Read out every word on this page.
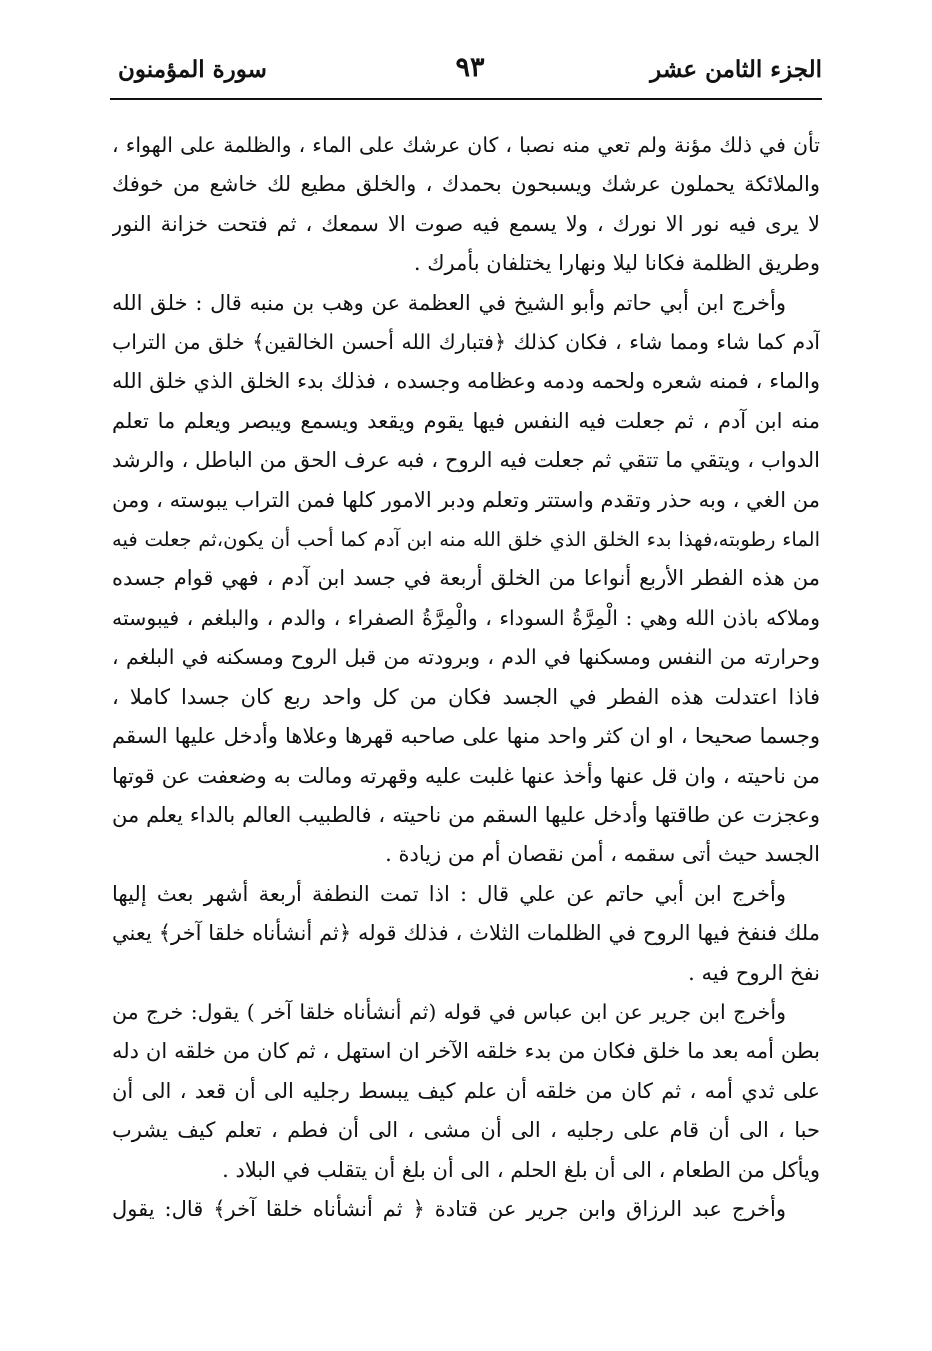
الجزء الثامن عشر
٩٣
سورة المؤمنون
تأن في ذلك مؤنة ولم تعي منه نصبا ، كان عرشك على الماء ، والظلمة على الهواء ،
والملائكة يحملون عرشك ويسبحون بحمدك ، والخلق مطيع لك خاشع من خوفك
لا يرى فيه نور الا نورك ، ولا يسمع فيه صوت الا سمعك ، ثم فتحت خزانة النور
وطريق الظلمة فكانا ليلا ونهارا يختلفان بأمرك .
وأخرج ابن أبي حاتم وأبو الشيخ في العظمة عن وهب بن منبه قال : خلق الله
آدم كما شاء ومما شاء ، فكان كذلك ﴿فتبارك الله أحسن الخالقين﴾ خلق من التراب
والماء ، فمنه شعره ولحمه ودمه وعظامه وجسده ، فذلك بدء الخلق الذي خلق الله
منه ابن آدم ، ثم جعلت فيه النفس فيها يقوم ويقعد ويسمع ويبصر ويعلم ما تعلم
الدواب ، ويتقي ما تتقي ثم جعلت فيه الروح ، فبه عرف الحق من الباطل ، والرشد
من الغي ، وبه حذر وتقدم واستتر وتعلم ودبر الامور كلها فمن التراب يبوسته ، ومن
الماء رطوبته،فهذا بدء الخلق الذي خلق الله منه ابن آدم كما أحب أن يكون،ثم جعلت فيه
من هذه الفطر الأربع أنواعا من الخلق أربعة في جسد ابن آدم ، فهي قوام جسده
وملاكه باذن الله وهي : الْمِرَّةُ السوداء ، والْمِرَّةُ الصفراء ، والدم ، والبلغم ، فيبوسته
وحرارته من النفس ومسكنها في الدم ، وبرودته من قبل الروح ومسكنه في البلغم ،
فاذا اعتدلت هذه الفطر في الجسد فكان من كل واحد ربع كان جسدا كاملا ،
وجسما صحيحا ، او ان كثر واحد منها على صاحبه قهرها وعلاها وأدخل عليها السقم
من ناحيته ، وان قل عنها وأخذ عنها غلبت عليه وقهرته ومالت به وضعفت عن قوتها
وعجزت عن طاقتها وأدخل عليها السقم من ناحيته ، فالطبيب العالم بالداء يعلم من
الجسد حيث أتى سقمه ، أمن نقصان أم من زيادة .
وأخرج ابن أبي حاتم عن علي قال : اذا تمت النطفة أربعة أشهر بعث إليها
ملك فنفخ فيها الروح في الظلمات الثلاث ، فذلك قوله ﴿ثم أنشأناه خلقا آخر﴾ يعني
نفخ الروح فيه .
وأخرج ابن جرير عن ابن عباس في قوله (ثم أنشأناه خلقا آخر ) يقول: خرج من
بطن أمه بعد ما خلق فكان من بدء خلقه الآخر ان استهل ، ثم كان من خلقه ان دله
على ثدي أمه ، ثم كان من خلقه أن علم كيف يبسط رجليه الى أن قعد ، الى أن
حبا ، الى أن قام على رجليه ، الى أن مشى ، الى أن فطم ، تعلم كيف يشرب
ويأكل من الطعام ، الى أن بلغ الحلم ، الى أن بلغ أن يتقلب في البلاد .
وأخرج عبد الرزاق وابن جرير عن قتادة ﴿ ثم أنشأناه خلقا آخر﴾ قال: يقول
